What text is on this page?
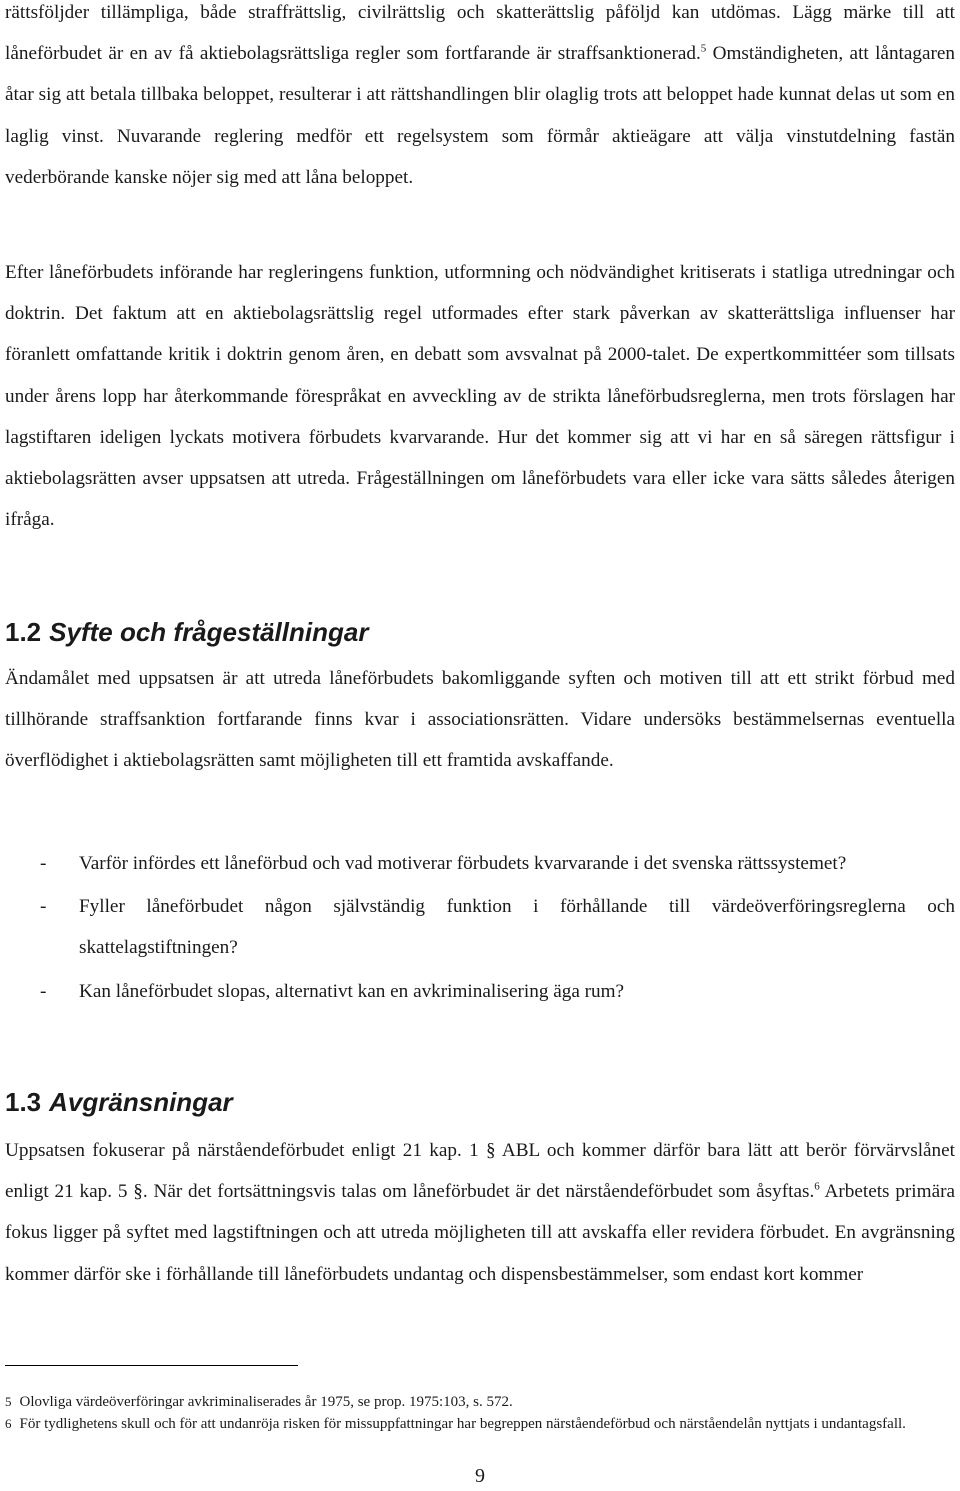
rättsföljder tillämpliga, både straffrättslig, civilrättslig och skatterättslig påföljd kan utdömas. Lägg märke till att låneförbudet är en av få aktiebolagsrättsliga regler som fortfarande är straffsanktionerad.$^5$ Omständigheten, att låntagaren åtar sig att betala tillbaka beloppet, resulterar i att rättshandlingen blir olaglig trots att beloppet hade kunnat delas ut som en laglig vinst. Nuvarande reglering medför ett regelsystem som förmår aktieägare att välja vinstutdelning fastän vederbörande kanske nöjer sig med att låna beloppet.

Efter låneförbudets införande har regleringens funktion, utformning och nödvändighet kritiserats i statliga utredningar och doktrin. Det faktum att en aktiebolagsrättslig regel utformades efter stark påverkan av skatterättsliga influenser har föranlett omfattande kritik i doktrin genom åren, en debatt som avsvalnat på 2000-talet. De expertkommittéer som tillsats under årens lopp har återkommande förespråkat en avveckling av de strikta låneförbudsreglerna, men trots förslagen har lagstiftaren ideligen lyckats motivera förbudets kvarvarande. Hur det kommer sig att vi har en så säregen rättsfigur i aktiebolagsrätten avser uppsatsen att utreda. Frågeställningen om låneförbudets vara eller icke vara sätts således återigen ifråga.

1.2 Syfte och frågeställningar

Ändamålet med uppsatsen är att utreda låneförbudets bakomliggande syften och motiven till att ett strikt förbud med tillhörande straffsanktion fortfarande finns kvar i associationsrätten. Vidare undersöks bestämmelsernas eventuella överflödighet i aktiebolagsrätten samt möjligheten till ett framtida avskaffande.

- Varför infördes ett låneförbud och vad motiverar förbudets kvarvarande i det svenska rättssystemet?
- Fyller låneförbudet någon självständig funktion i förhållande till värdeöverföringsreglerna och skattelagstiftningen?
- Kan låneförbudet slopas, alternativt kan en avkriminalisering äga rum?
1.3 Avgränsningar

Uppsatsen fokuserar på närståendeförbudet enligt 21 kap. 1 § ABL och kommer därför bara lätt att berör förvärvslånet enligt 21 kap. 5 §. När det fortsättningsvis talas om låneförbudet är det närståendeförbudet som åsyftas.$^6$ Arbetets primära fokus ligger på syftet med lagstiftningen och att utreda möjligheten till att avskaffa eller revidera förbudet. En avgränsning kommer därför ske i förhållande till låneförbudets undantag och dispensbestämmelser, som endast kort kommer

5 Olovliga värdeöverföringar avkriminaliserades år 1975, se prop. 1975:103, s. 572.

6 För tydlighetens skull och för att undanröja risken för missuppfattningar har begreppen närståendeförbud och närståendelån nyttjats i undantagsfall.

9
